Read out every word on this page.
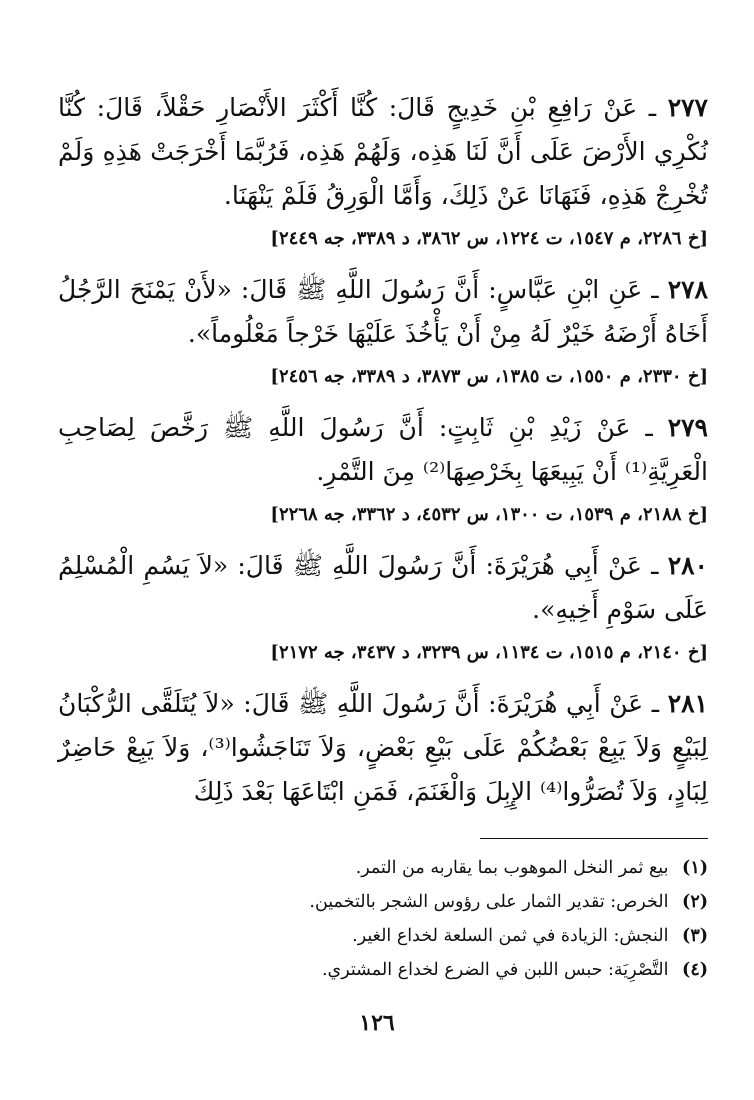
٢٧٧ ـ عَنْ رَافِعِ بْنِ خَدِيجٍ قَالَ: كُنَّا أَكْثَرَ الأَنْصَارِ حَقْلاً، قَالَ: كُنَّا نُكْرِي الأَرْضَ عَلَى أَنَّ لَنَا هَذِه، وَلَهُمْ هَذِه، فَرُبَّمَا أَخْرَجَتْ هَذِهِ وَلَمْ تُخْرِجْ هَذِهِ، فَنَهَانَا عَنْ ذَلِكَ، وَأَمَّا الْوَرِقُ فَلَمْ يَنْهَنَا.

[خ ٢٢٨٦، م ١٥٤٧، ت ١٢٢٤، س ٣٨٦٢، د ٣٣٨٩، جه ٢٤٤٩]

٢٧٨ ـ عَنِ ابْنِ عَبَّاسٍ: أَنَّ رَسُولَ اللَّهِ ﷺ قَالَ: «لأَنْ يَمْنَحَ الرَّجُلُ أَخَاهُ أَرْضَهُ خَيْرٌ لَهُ مِنْ أَنْ يَأْخُذَ عَلَيْهَا خَرْجاً مَعْلُوماً».

[خ ٢٣٣٠، م ١٥٥٠، ت ١٣٨٥، س ٣٨٧٣، د ٣٣٨٩، جه ٢٤٥٦]

٢٧٩ ـ عَنْ زَيْدِ بْنِ ثَابِتٍ: أَنَّ رَسُولَ اللَّهِ ﷺ رَخَّصَ لِصَاحِبِ الْعَرِيَّةِ⁽¹⁾ أَنْ يَبِيعَهَا بِخَرْصِهَا⁽²⁾ مِنَ التَّمْرِ.

[خ ٢١٨٨، م ١٥٣٩، ت ١٣٠٠، س ٤٥٣٢، د ٣٣٦٢، جه ٢٢٦٨]

٢٨٠ ـ عَنْ أَبِي هُرَيْرَةَ: أَنَّ رَسُولَ اللَّهِ ﷺ قَالَ: «لاَ يَسُمِ الْمُسْلِمُ عَلَى سَوْمِ أَخِيهِ».

[خ ٢١٤٠، م ١٥١٥، ت ١١٣٤، س ٣٢٣٩، د ٣٤٣٧، جه ٢١٧٢]

٢٨١ ـ عَنْ أَبِي هُرَيْرَةَ: أَنَّ رَسُولَ اللَّهِ ﷺ قَالَ: «لاَ يُتَلَقَّى الرُّكْبَانُ لِبَيْعٍ وَلاَ يَبِعْ بَعْضُكُمْ عَلَى بَيْعِ بَعْضٍ، وَلاَ تَنَاجَشُوا⁽³⁾، وَلاَ يَبِعْ حَاضِرٌ لِبَادٍ، وَلاَ تُصَرُّوا⁽⁴⁾ الإِبِلَ وَالْغَنَمَ، فَمَنِ ابْتَاعَهَا بَعْدَ ذَلِكَ

(١) بيع ثمر النخل الموهوب بما يقاربه من التمر.
(٢) الخرص: تقدير الثمار على رؤوس الشجر بالتخمين.
(٣) النجش: الزيادة في ثمن السلعة لخداع الغير.
(٤) التَّصْرِيَة: حبس اللبن في الضرع لخداع المشتري.
١٢٦
